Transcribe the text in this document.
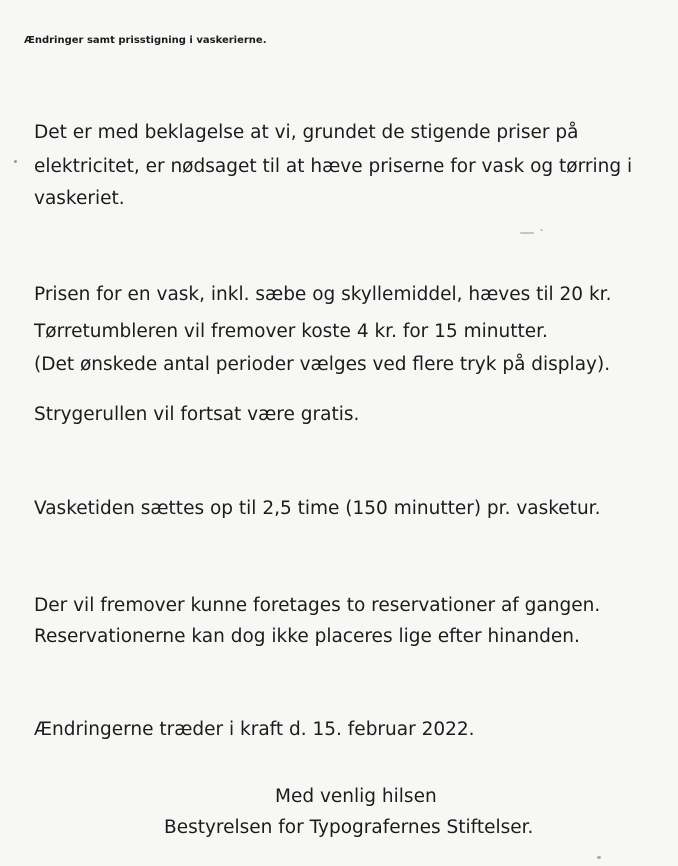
Ændringer samt prisstigning i vaskerierne.

Det er med beklagelse at vi, grundet de stigende priser på

elektricitet, er nødsaget til at hæve priserne for vask og tørring i

vaskeriet.

Prisen for en vask, inkl. sæbe og skyllemiddel, hæves til 20 kr.

Tørretumbleren vil fremover koste 4 kr. for 15 minutter.

(Det ønskede antal perioder vælges ved flere tryk på display).

Strygerullen vil fortsat være gratis.

Vasketiden sættes op til 2,5 time (150 minutter) pr. vasketur.

Der vil fremover kunne foretages to reservationer af gangen.

Reservationerne kan dog ikke placeres lige efter hinanden.

Ændringerne træder i kraft d. 15. februar 2022.

Med venlig hilsen

Bestyrelsen for Typografernes Stiftelser.
